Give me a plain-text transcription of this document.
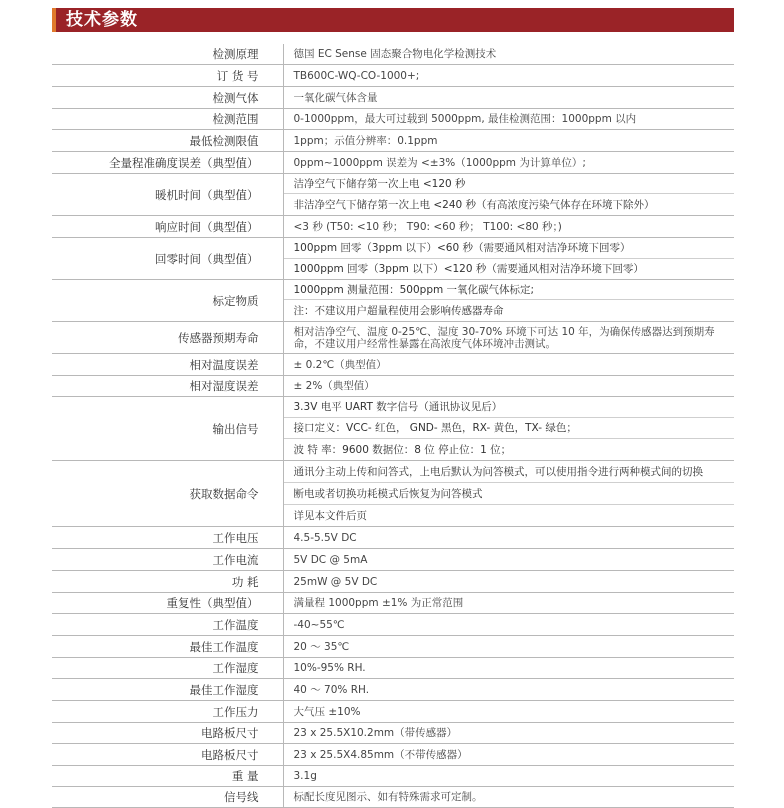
技术参数
检测原理	德国 EC Sense 固态聚合物电化学检测技术
订 货 号	TB600C-WQ-CO-1000+;
检测气体	一氧化碳气体含量
检测范围	0-1000ppm，最大可过载到 5000ppm, 最佳检测范围：1000ppm 以内
最低检测限值	1ppm；示值分辨率：0.1ppm
全量程准确度误差（典型值）	0ppm~1000ppm 误差为 <±3%（1000ppm 为计算单位）;
暖机时间（典型值）	洁净空气下储存第一次上电 <120 秒
非洁净空气下储存第一次上电 <240 秒（有高浓度污染气体存在环境下除外）

响应时间（典型值）	<3 秒 (T50: <10 秒； T90: <60 秒； T100: <80 秒；)
回零时间（典型值）	100ppm 回零（3ppm 以下）<60 秒（需要通风相对洁净环境下回零）
1000ppm 回零（3ppm 以下）<120 秒（需要通风相对洁净环境下回零）

标定物质	1000ppm 测量范围：500ppm 一氧化碳气体标定;
注：不建议用户超量程使用会影响传感器寿命

传感器预期寿命	相对洁净空气、温度 0-25℃、湿度 30-70% 环境下可达 10 年，为确保传感器达到预期寿命，不建议用户经常性暴露在高浓度气体环境冲击测试。
相对温度误差	± 0.2℃（典型值）
相对湿度误差	± 2%（典型值）
输出信号	3.3V 电平 UART 数字信号（通讯协议见后）
接口定义：VCC- 红色， GND- 黑色，RX- 黄色，TX- 绿色；
波 特 率：9600 数据位：8 位 停止位：1 位；

获取数据命令	通讯分主动上传和问答式，上电后默认为问答模式，可以使用指令进行两种模式间的切换
断电或者切换功耗模式后恢复为问答模式
详见本文件后页

工作电压	4.5-5.5V DC
工作电流	5V DC @ 5mA
功 耗	25mW @ 5V DC
重复性（典型值）	满量程 1000ppm ±1% 为正常范围
工作温度	-40~55℃
最佳工作温度	20 ～ 35℃
工作湿度	10%-95% RH.
最佳工作湿度	40 ～ 70% RH.
工作压力	大气压 ±10%
电路板尺寸	23 x 25.5X10.2mm（带传感器）
电路板尺寸	23 x 25.5X4.85mm（不带传感器）
重 量	3.1g
信号线	标配长度见图示、如有特殊需求可定制。
